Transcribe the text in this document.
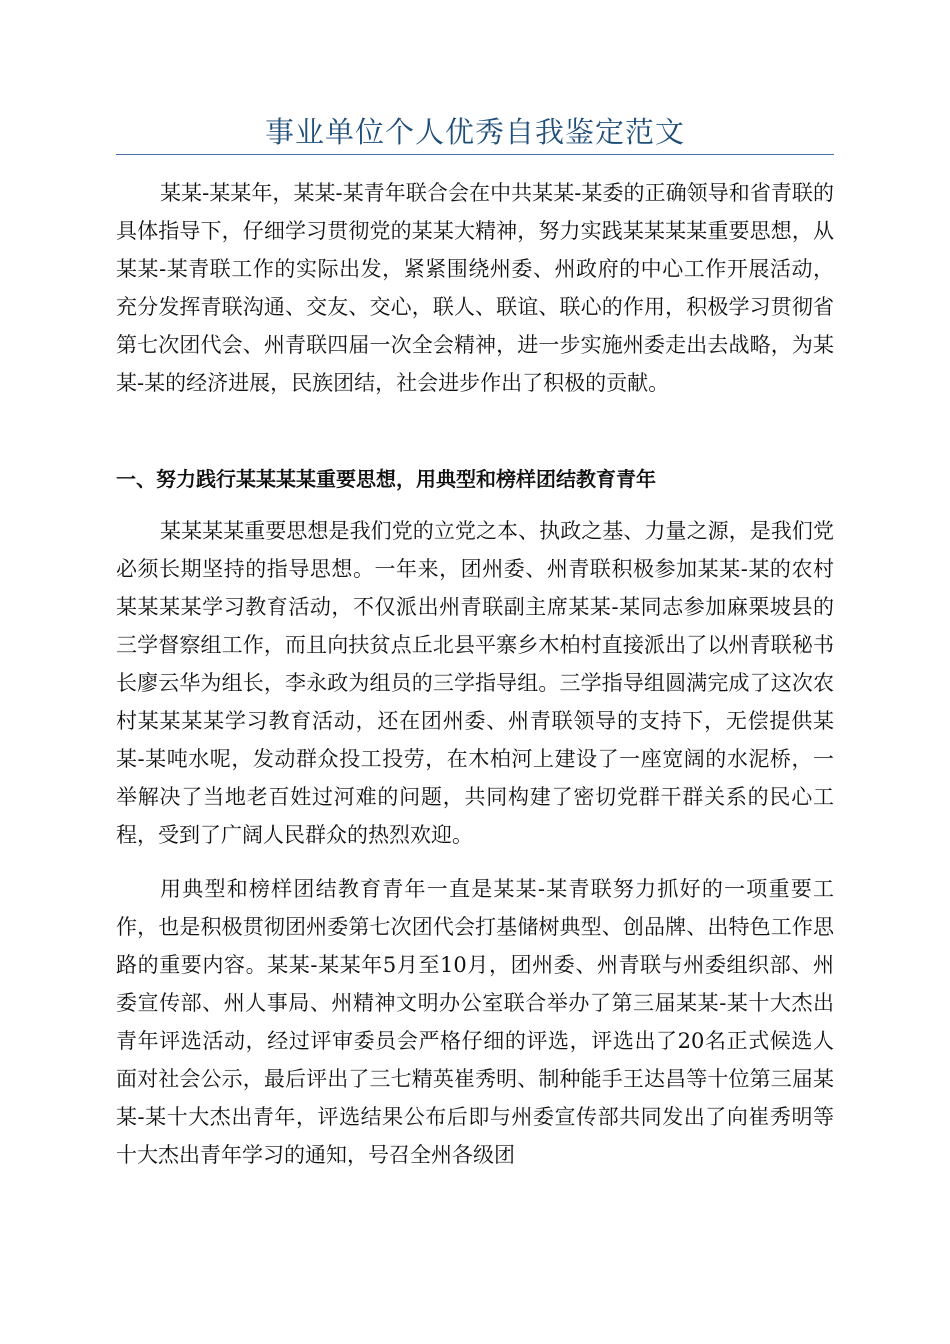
事业单位个人优秀自我鉴定范文

某某-某某年，某某-某青年联合会在中共某某-某委的正确领导和省青联的具体指导下，仔细学习贯彻党的某某大精神，努力实践某某某某重要思想，从某某-某青联工作的实际出发，紧紧围绕州委、州政府的中心工作开展活动，充分发挥青联沟通、交友、交心，联人、联谊、联心的作用，积极学习贯彻省第七次团代会、州青联四届一次全会精神，进一步实施州委走出去战略，为某某-某的经济进展，民族团结，社会进步作出了积极的贡献。

一、努力践行某某某某重要思想，用典型和榜样团结教育青年

某某某某重要思想是我们党的立党之本、执政之基、力量之源，是我们党必须长期坚持的指导思想。一年来，团州委、州青联积极参加某某-某的农村某某某某学习教育活动，不仅派出州青联副主席某某-某同志参加麻栗坡县的三学督察组工作，而且向扶贫点丘北县平寨乡木柏村直接派出了以州青联秘书长廖云华为组长，李永政为组员的三学指导组。三学指导组圆满完成了这次农村某某某某学习教育活动，还在团州委、州青联领导的支持下，无偿提供某某-某吨水呢，发动群众投工投劳，在木柏河上建设了一座宽阔的水泥桥，一举解决了当地老百姓过河难的问题，共同构建了密切党群干群关系的民心工程，受到了广阔人民群众的热烈欢迎。

用典型和榜样团结教育青年一直是某某-某青联努力抓好的一项重要工作，也是积极贯彻团州委第七次团代会打基储树典型、创品牌、出特色工作思路的重要内容。某某-某某年5月至10月，团州委、州青联与州委组织部、州委宣传部、州人事局、州精神文明办公室联合举办了第三届某某-某十大杰出青年评选活动，经过评审委员会严格仔细的评选，评选出了20名正式候选人面对社会公示，最后评出了三七精英崔秀明、制种能手王达昌等十位第三届某某-某十大杰出青年，评选结果公布后即与州委宣传部共同发出了向崔秀明等十大杰出青年学习的通知，号召全州各级团
